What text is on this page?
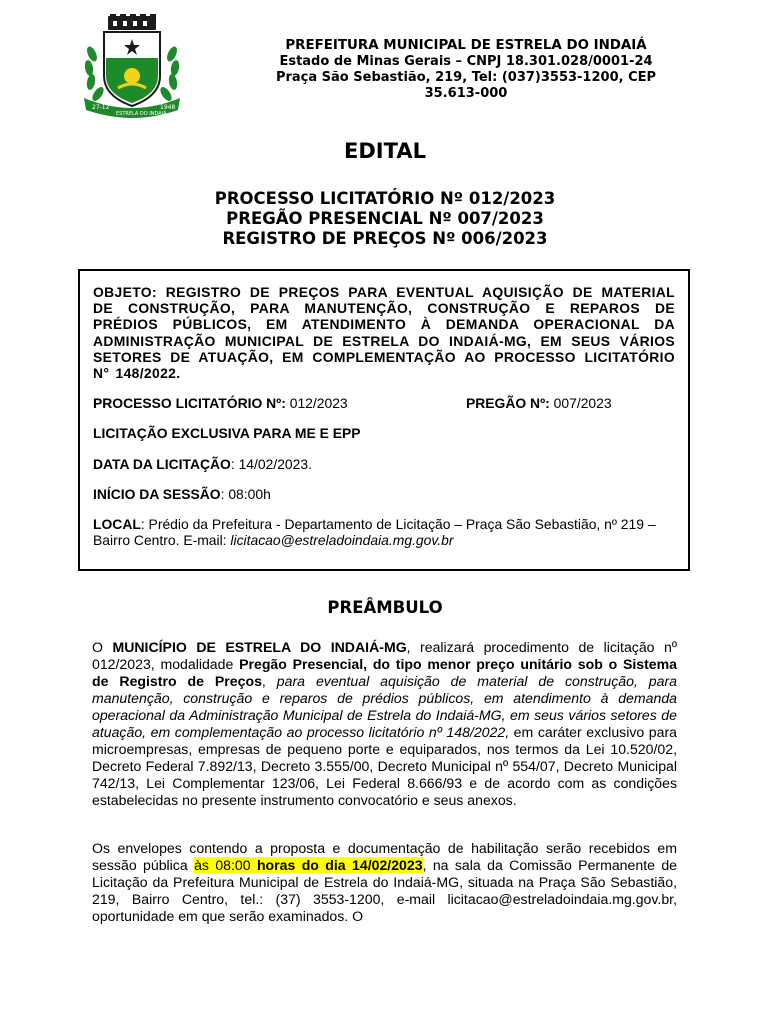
27-12
ESTRELA DO INDAIÁ
1948
PREFEITURA MUNICIPAL DE ESTRELA DO INDAIÁ
Estado de Minas Gerais – CNPJ 18.301.028/0001-24
Praça São Sebastião, 219, Tel: (037)3553-1200, CEP
35.613-000
EDITAL
PROCESSO LICITATÓRIO Nº 012/2023
PREGÃO PRESENCIAL Nº 007/2023
REGISTRO DE PREÇOS Nº 006/2023
OBJETO: REGISTRO DE PREÇOS PARA EVENTUAL AQUISIÇÃO DE MATERIAL DE CONSTRUÇÃO, PARA MANUTENÇÃO, CONSTRUÇÃO E REPAROS DE PRÉDIOS PÚBLICOS, EM ATENDIMENTO À DEMANDA OPERACIONAL DA ADMINISTRAÇÃO MUNICIPAL DE ESTRELA DO INDAIÁ-MG, EM SEUS VÁRIOS SETORES DE ATUAÇÃO, EM COMPLEMENTAÇÃO AO PROCESSO LICITATÓRIO N° 148/2022.
PROCESSO LICITATÓRIO Nº: 012/2023	PREGÃO Nº: 007/2023
LICITAÇÃO EXCLUSIVA PARA ME E EPP
DATA DA LICITAÇÃO: 14/02/2023.
INÍCIO DA SESSÃO: 08:00h
LOCAL: Prédio da Prefeitura - Departamento de Licitação – Praça São Sebastião, nº 219 – Bairro Centro. E-mail: licitacao@estreladoindaia.mg.gov.br
PREÂMBULO
O MUNICÍPIO DE ESTRELA DO INDAIÁ-MG, realizará procedimento de licitação nº 012/2023, modalidade Pregão Presencial, do tipo menor preço unitário sob o Sistema de Registro de Preços, para eventual aquisição de material de construção, para manutenção, construção e reparos de prédios públicos, em atendimento à demanda operacional da Administração Municipal de Estrela do Indaiá-MG, em seus vários setores de atuação, em complementação ao processo licitatório nº 148/2022, em caráter exclusivo para microempresas, empresas de pequeno porte e equiparados, nos termos da Lei 10.520/02, Decreto Federal 7.892/13, Decreto 3.555/00, Decreto Municipal nº 554/07, Decreto Municipal 742/13, Lei Complementar 123/06, Lei Federal 8.666/93 e de acordo com as condições estabelecidas no presente instrumento convocatório e seus anexos.
Os envelopes contendo a proposta e documentação de habilitação serão recebidos em sessão pública às 08:00 horas do dia 14/02/2023, na sala da Comissão Permanente de Licitação da Prefeitura Municipal de Estrela do Indaiá-MG, situada na Praça São Sebastião, 219, Bairro Centro, tel.: (37) 3553-1200, e-mail licitacao@estreladoindaia.mg.gov.br, oportunidade em que serão examinados. O
